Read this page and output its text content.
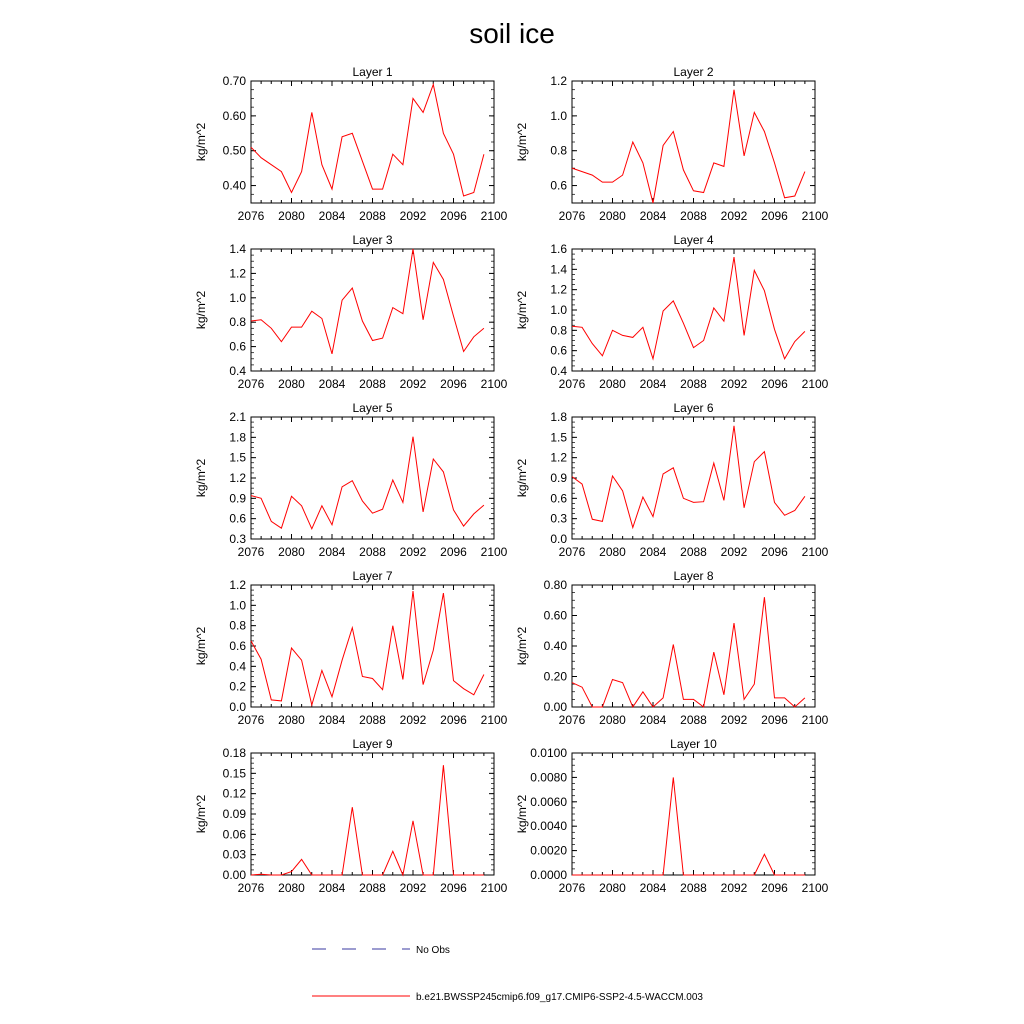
soil ice
Layer 1
2076 2080 2084 2088 2092 2096 2100
0.40
0.50
0.60
0.70
kg/m^2
Layer 2
2076 2080 2084 2088 2092 2096 2100
0.6
0.8
1.0
1.2
kg/m^2
Layer 3
2076 2080 2084 2088 2092 2096 2100
0.4
0.6
0.8
1.0
1.2
1.4
kg/m^2
Layer 4
2076 2080 2084 2088 2092 2096 2100
0.4
0.6
0.8
1.0
1.2
1.4
1.6
kg/m^2
Layer 5
2076 2080 2084 2088 2092 2096 2100
0.3
0.6
0.9
1.2
1.5
1.8
2.1
kg/m^2
Layer 6
2076 2080 2084 2088 2092 2096 2100
0.0
0.3
0.6
0.9
1.2
1.5
1.8
kg/m^2
Layer 7
2076 2080 2084 2088 2092 2096 2100
0.0
0.2
0.4
0.6
0.8
1.0
1.2
kg/m^2
Layer 8
2076 2080 2084 2088 2092 2096 2100
0.00
0.20
0.40
0.60
0.80
kg/m^2
Layer 9
2076 2080 2084 2088 2092 2096 2100
0.00
0.03
0.06
0.09
0.12
0.15
0.18
kg/m^2
Layer 10
2076 2080 2084 2088 2092 2096 2100
0.0000
0.0020
0.0040
0.0060
0.0080
0.0100
kg/m^2
No Obs
b.e21.BWSSP245cmip6.f09_g17.CMIP6-SSP2-4.5-WACCM.003
